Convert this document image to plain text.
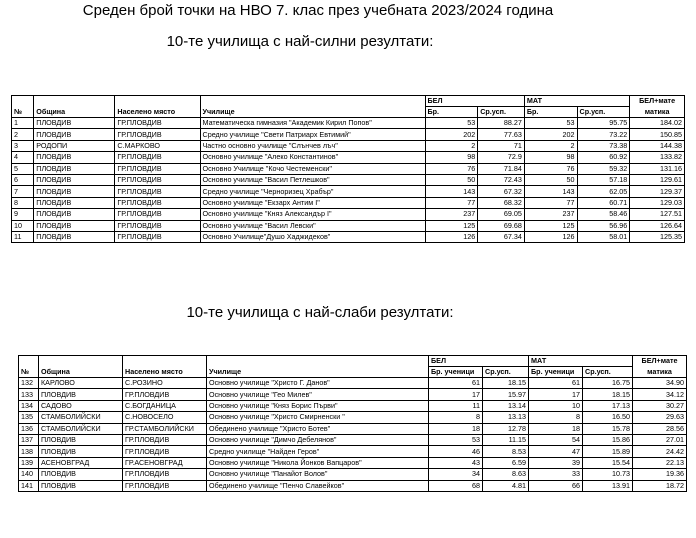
Среден брой точки на НВО 7. клас през учебната 2023/2024 година
10-те училища с най-силни резултати:
10-те училища с най-слаби резултати:
				БЕЛ		МАТ		БЕЛ+мате
№	Община	Населено място	Училище	Бр.	Ср.усп.	Бр.	Ср.усп.	матика
1	ПЛОВДИВ	ГР.ПЛОВДИВ	Математическа гимназия "Академик Кирил Попов"	53	88.27	53	95.75	184.02
2	ПЛОВДИВ	ГР.ПЛОВДИВ	Средно училище "Свети Патриарх Евтимий"	202	77.63	202	73.22	150.85
3	РОДОПИ	С.МАРКОВО	Частно основно училище "Слънчев лъч"	2	71	2	73.38	144.38
4	ПЛОВДИВ	ГР.ПЛОВДИВ	Основно училище "Алеко Константинов"	98	72.9	98	60.92	133.82
5	ПЛОВДИВ	ГР.ПЛОВДИВ	Основно Училище "Кочо Честеменски"	76	71.84	76	59.32	131.16
6	ПЛОВДИВ	ГР.ПЛОВДИВ	Основно училище "Васил Петлешков"	50	72.43	50	57.18	129.61
7	ПЛОВДИВ	ГР.ПЛОВДИВ	Средно училище "Черноризец Храбър"	143	67.32	143	62.05	129.37
8	ПЛОВДИВ	ГР.ПЛОВДИВ	Основно училище "Екзарх Антим I"	77	68.32	77	60.71	129.03
9	ПЛОВДИВ	ГР.ПЛОВДИВ	Основно училище "Княз Александър I"	237	69.05	237	58.46	127.51
10	ПЛОВДИВ	ГР.ПЛОВДИВ	Основно училище "Васил Левски"	125	69.68	125	56.96	126.64
11	ПЛОВДИВ	ГР.ПЛОВДИВ	Основно Училище"Душо Хаджидеков"	126	67.34	126	58.01	125.35
				БЕЛ		МАТ		БЕЛ+мате
№	Община	Населено място	Училище	Бр. ученици	Ср.усп.	Бр. ученици	Ср.усп.	матика
132	КАРЛОВО	С.РОЗИНО	Основно училище "Христо Г. Данов"	61	18.15	61	16.75	34.90
133	ПЛОВДИВ	ГР.ПЛОВДИВ	Основно училище "Гео Милев"	17	15.97	17	18.15	34.12
134	САДОВО	С.БОГДАНИЦА	Основно училище "Княз Борис Първи"	11	13.14	10	17.13	30.27
135	СТАМБОЛИЙСКИ	С.НОВОСЕЛО	Основно училище "Христо Смирненски "	8	13.13	8	16.50	29.63
136	СТАМБОЛИЙСКИ	ГР.СТАМБОЛИЙСКИ	Обединено училище "Христо Ботев"	18	12.78	18	15.78	28.56
137	ПЛОВДИВ	ГР.ПЛОВДИВ	Основно училище "Димчо Дебелянов"	53	11.15	54	15.86	27.01
138	ПЛОВДИВ	ГР.ПЛОВДИВ	Средно училище "Найден Геров"	46	8.53	47	15.89	24.42
139	АСЕНОВГРАД	ГР.АСЕНОВГРАД	Основно училище "Никола Йонков Вапцаров"	43	6.59	39	15.54	22.13
140	ПЛОВДИВ	ГР.ПЛОВДИВ	Основно училище "Панайот Волов"	34	8.63	33	10.73	19.36
141	ПЛОВДИВ	ГР.ПЛОВДИВ	Обединено училище "Пенчо Славейков"	68	4.81	66	13.91	18.72
